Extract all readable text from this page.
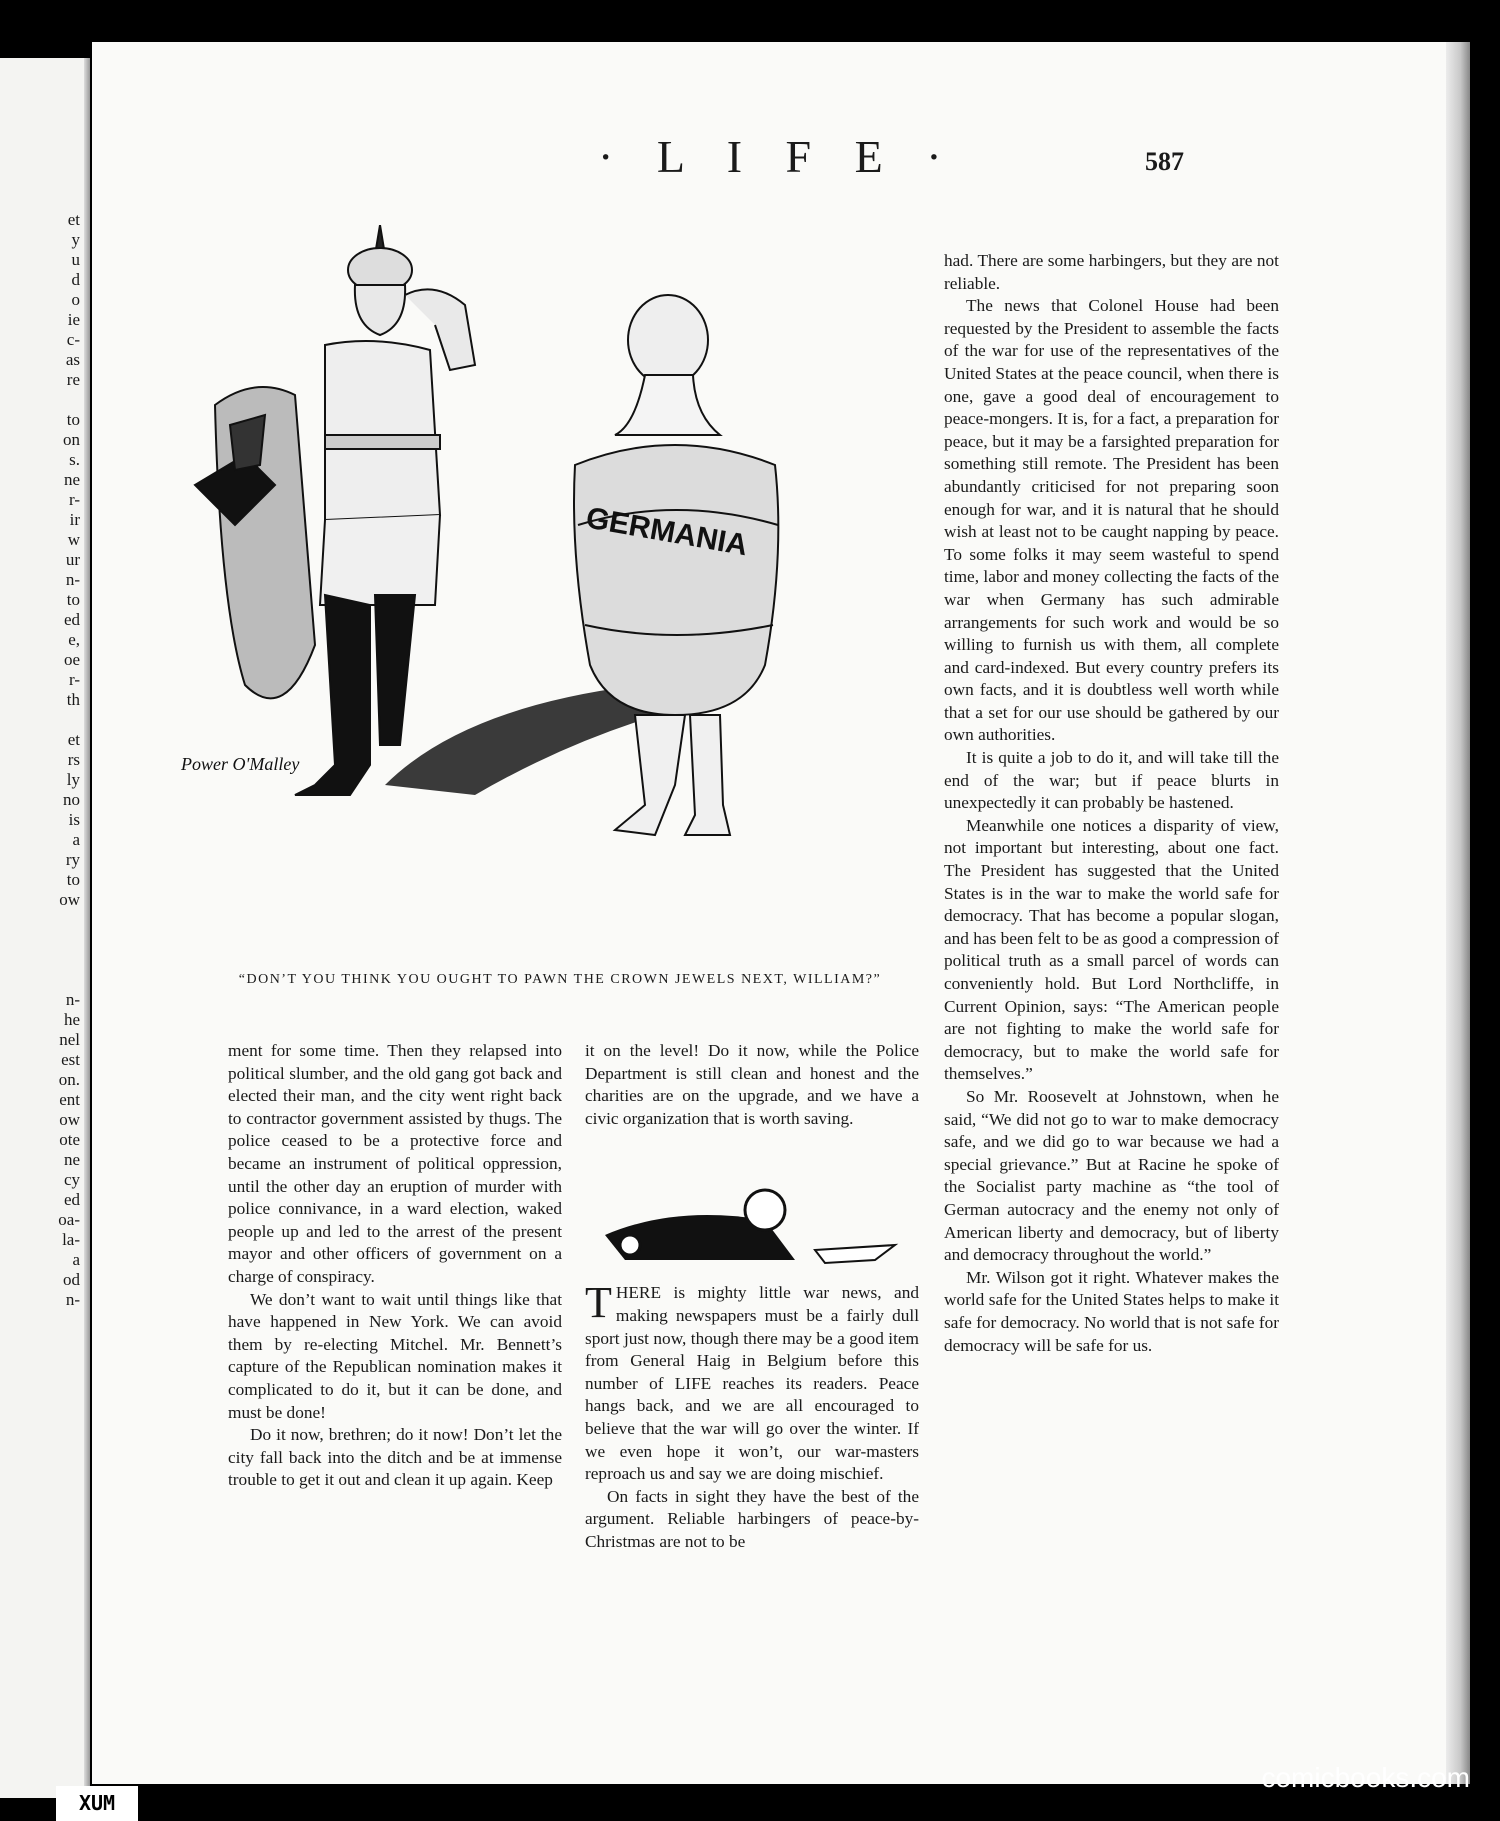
et
y
u
d
o
ie
c-
as
re
to
on
s.
ne
r-
ir
w
ur
n-
to
ed
e,
oe
r-
th
et
rs
ly
no
is
a
ry
to
ow
n-
he
nel
est
on.
ent
ow
ote
ne
cy
ed
oa-
la-
a
od
n-
· L I F E ·	587
GERMANIA
Power O'Malley
“DON’T YOU THINK YOU OUGHT TO PAWN THE CROWN JEWELS NEXT, WILLIAM?”

ment for some time. Then they relapsed into political slumber, and the old gang got back and elected their man, and the city went right back to contractor government assisted by thugs. The police ceased to be a protective force and became an instrument of political oppression, until the other day an eruption of murder with police connivance, in a ward election, waked people up and led to the arrest of the present mayor and other officers of government on a charge of conspiracy.

We don’t want to wait until things like that have happened in New York. We can avoid them by re-electing Mitchel. Mr. Bennett’s capture of the Republican nomination makes it complicated to do it, but it can be done, and must be done!

Do it now, brethren; do it now! Don’t let the city fall back into the ditch and be at immense trouble to get it out and clean it up again. Keep

it on the level! Do it now, while the Police Department is still clean and honest and the charities are on the upgrade, and we have a civic organization that is worth saving.

THERE is mighty little war news, and making newspapers must be a fairly dull sport just now, though there may be a good item from General Haig in Belgium before this number of LIFE reaches its readers. Peace hangs back, and we are all encouraged to believe that the war will go over the winter. If we even hope it won’t, our war-masters reproach us and say we are doing mischief.

On facts in sight they have the best of the argument. Reliable harbingers of peace-by-Christmas are not to be

had. There are some harbingers, but they are not reliable.

The news that Colonel House had been requested by the President to assemble the facts of the war for use of the representatives of the United States at the peace council, when there is one, gave a good deal of encouragement to peace-mongers. It is, for a fact, a preparation for peace, but it may be a farsighted preparation for something still remote. The President has been abundantly criticised for not preparing soon enough for war, and it is natural that he should wish at least not to be caught napping by peace. To some folks it may seem wasteful to spend time, labor and money collecting the facts of the war when Germany has such admirable arrangements for such work and would be so willing to furnish us with them, all complete and card-indexed. But every country prefers its own facts, and it is doubtless well worth while that a set for our use should be gathered by our own authorities.

It is quite a job to do it, and will take till the end of the war; but if peace blurts in unexpectedly it can probably be hastened.

Meanwhile one notices a disparity of view, not important but interesting, about one fact. The President has suggested that the United States is in the war to make the world safe for democracy. That has become a popular slogan, and has been felt to be as good a compression of political truth as a small parcel of words can conveniently hold. But Lord Northcliffe, in Current Opinion, says: “The American people are not fighting to make the world safe for democracy, but to make the world safe for themselves.”

So Mr. Roosevelt at Johnstown, when he said, “We did not go to war to make democracy safe, and we did go to war because we had a special grievance.” But at Racine he spoke of the Socialist party machine as “the tool of German autocracy and the enemy not only of American liberty and democracy, but of liberty and democracy throughout the world.”

Mr. Wilson got it right. Whatever makes the world safe for the United States helps to make it safe for democracy. No world that is not safe for democracy will be safe for us.

XUM
comicbooks.com
